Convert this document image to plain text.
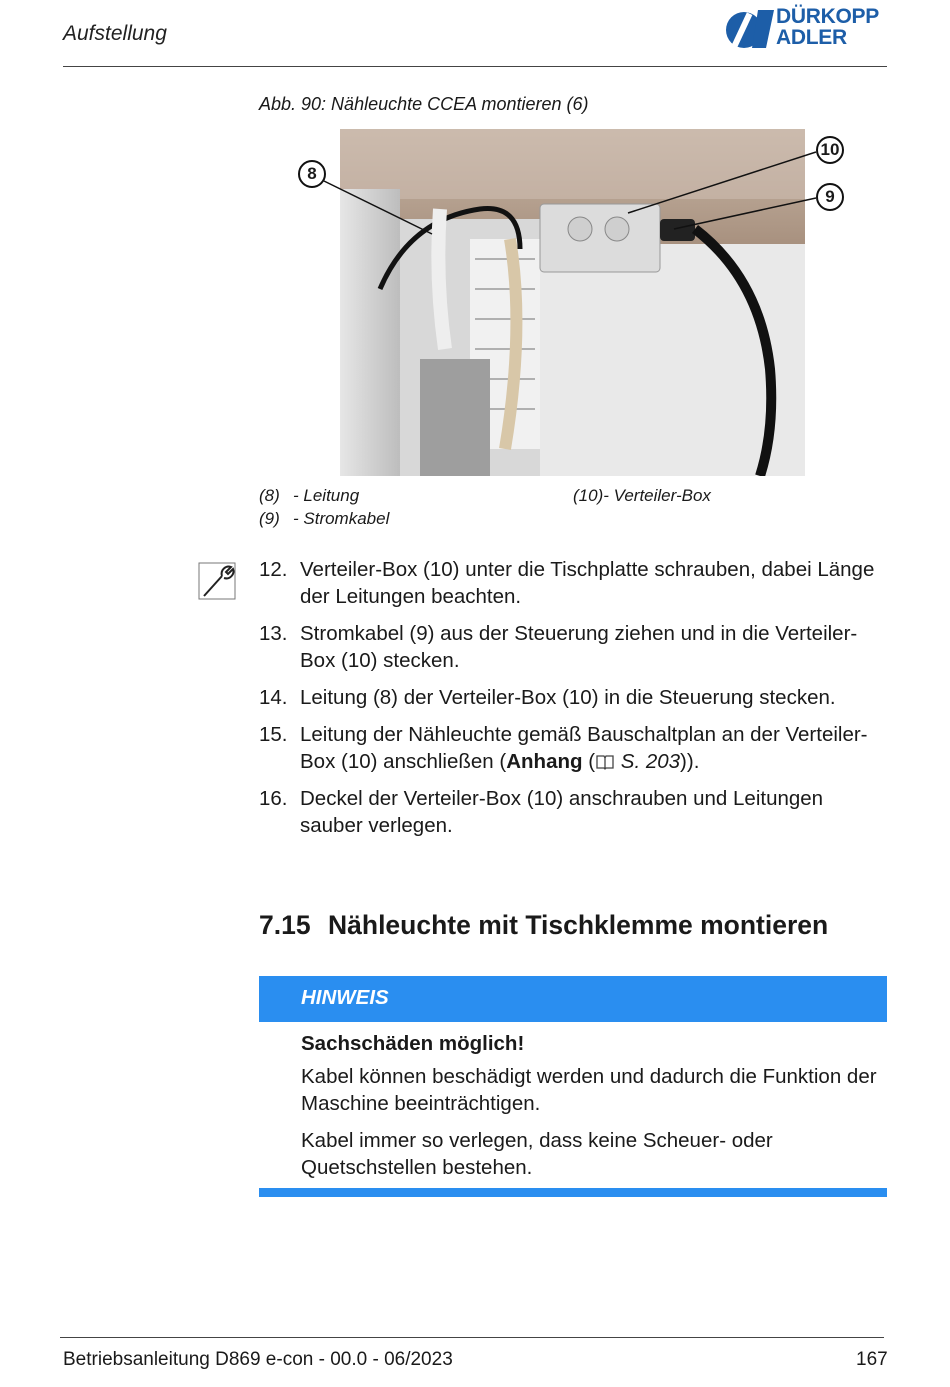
Aufstellung
DÜRKOPP
ADLER
Abb. 90: Nähleuchte CCEA montieren (6)
8
10
9
(8) - Leitung
(9) - Stromkabel
(10)- Verteiler-Box
12. Verteiler-Box (10) unter die Tischplatte schrauben, dabei Länge der Leitungen beachten.
13. Stromkabel (9) aus der Steuerung ziehen und in die Verteiler-Box (10) stecken.
14. Leitung (8) der Verteiler-Box (10) in die Steuerung stecken.
15. Leitung der Nähleuchte gemäß Bauschaltplan an der Verteiler-Box (10) anschließen (Anhang ( S. 203)).
16. Deckel der Verteiler-Box (10) anschrauben und Leitungen sauber verlegen.
7.15 Nähleuchte mit Tischklemme montieren
HINWEIS
Sachschäden möglich!
Kabel können beschädigt werden und dadurch die Funktion der Maschine beeinträchtigen.
Kabel immer so verlegen, dass keine Scheuer- oder Quetschstellen bestehen.
Betriebsanleitung D869 e-con - 00.0 - 06/2023	167
